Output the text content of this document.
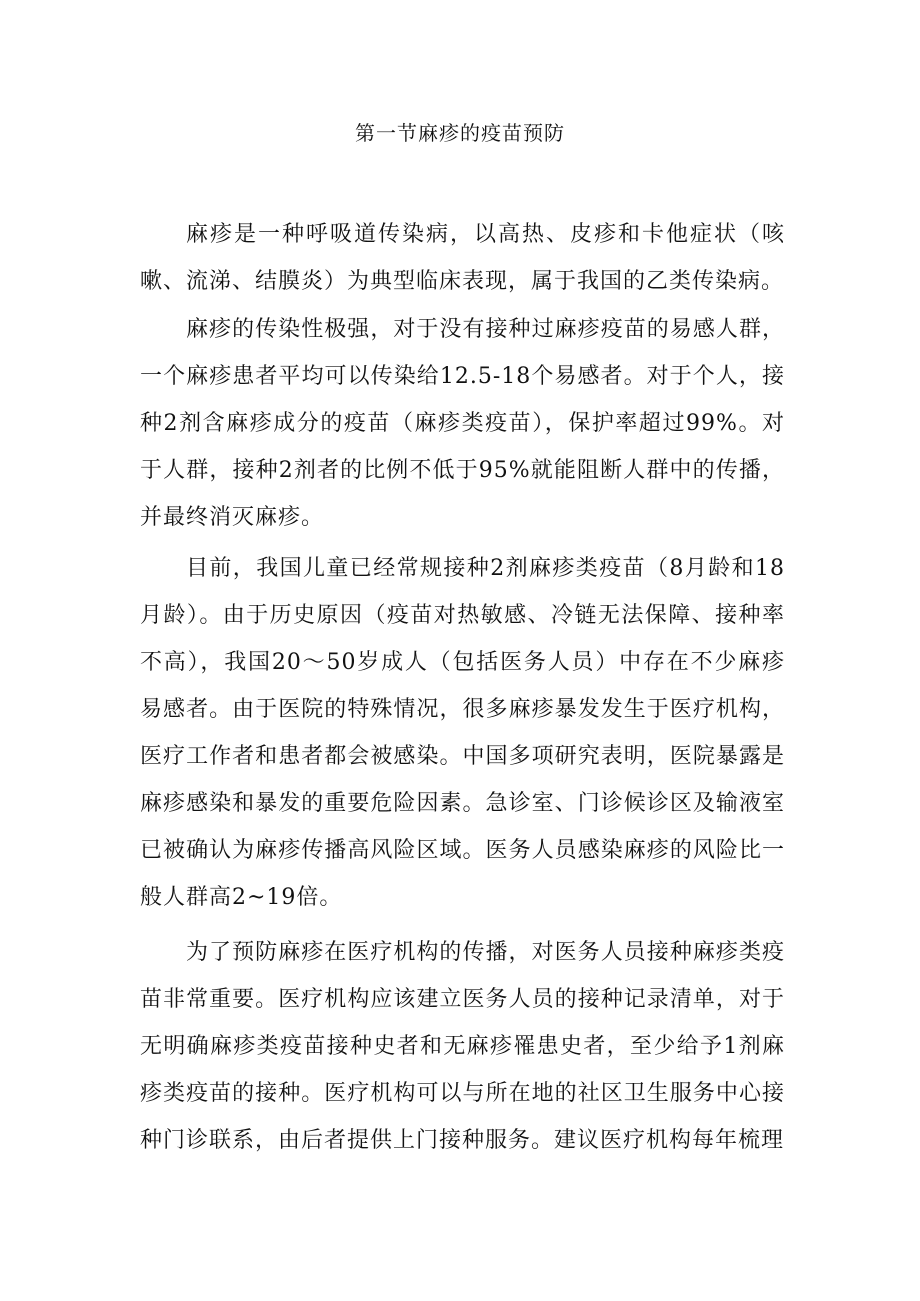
第一节麻疹的疫苗预防

麻疹是一种呼吸道传染病，以高热、皮疹和卡他症状（咳嗽、流涕、结膜炎）为典型临床表现，属于我国的乙类传染病。

麻疹的传染性极强，对于没有接种过麻疹疫苗的易感人群，一个麻疹患者平均可以传染给12.5-18个易感者。对于个人，接种2剂含麻疹成分的疫苗（麻疹类疫苗），保护率超过99%。对于人群，接种2剂者的比例不低于95%就能阻断人群中的传播，并最终消灭麻疹。

目前，我国儿童已经常规接种2剂麻疹类疫苗（8月龄和18月龄）。由于历史原因（疫苗对热敏感、冷链无法保障、接种率不高），我国20～50岁成人（包括医务人员）中存在不少麻疹易感者。由于医院的特殊情况，很多麻疹暴发发生于医疗机构，医疗工作者和患者都会被感染。中国多项研究表明，医院暴露是麻疹感染和暴发的重要危险因素。急诊室、门诊候诊区及输液室已被确认为麻疹传播高风险区域。医务人员感染麻疹的风险比一般人群高2~19倍。

为了预防麻疹在医疗机构的传播，对医务人员接种麻疹类疫苗非常重要。医疗机构应该建立医务人员的接种记录清单，对于无明确麻疹类疫苗接种史者和无麻疹罹患史者，至少给予1剂麻疹类疫苗的接种。医疗机构可以与所在地的社区卫生服务中心接种门诊联系，由后者提供上门接种服务。建议医疗机构每年梳理
